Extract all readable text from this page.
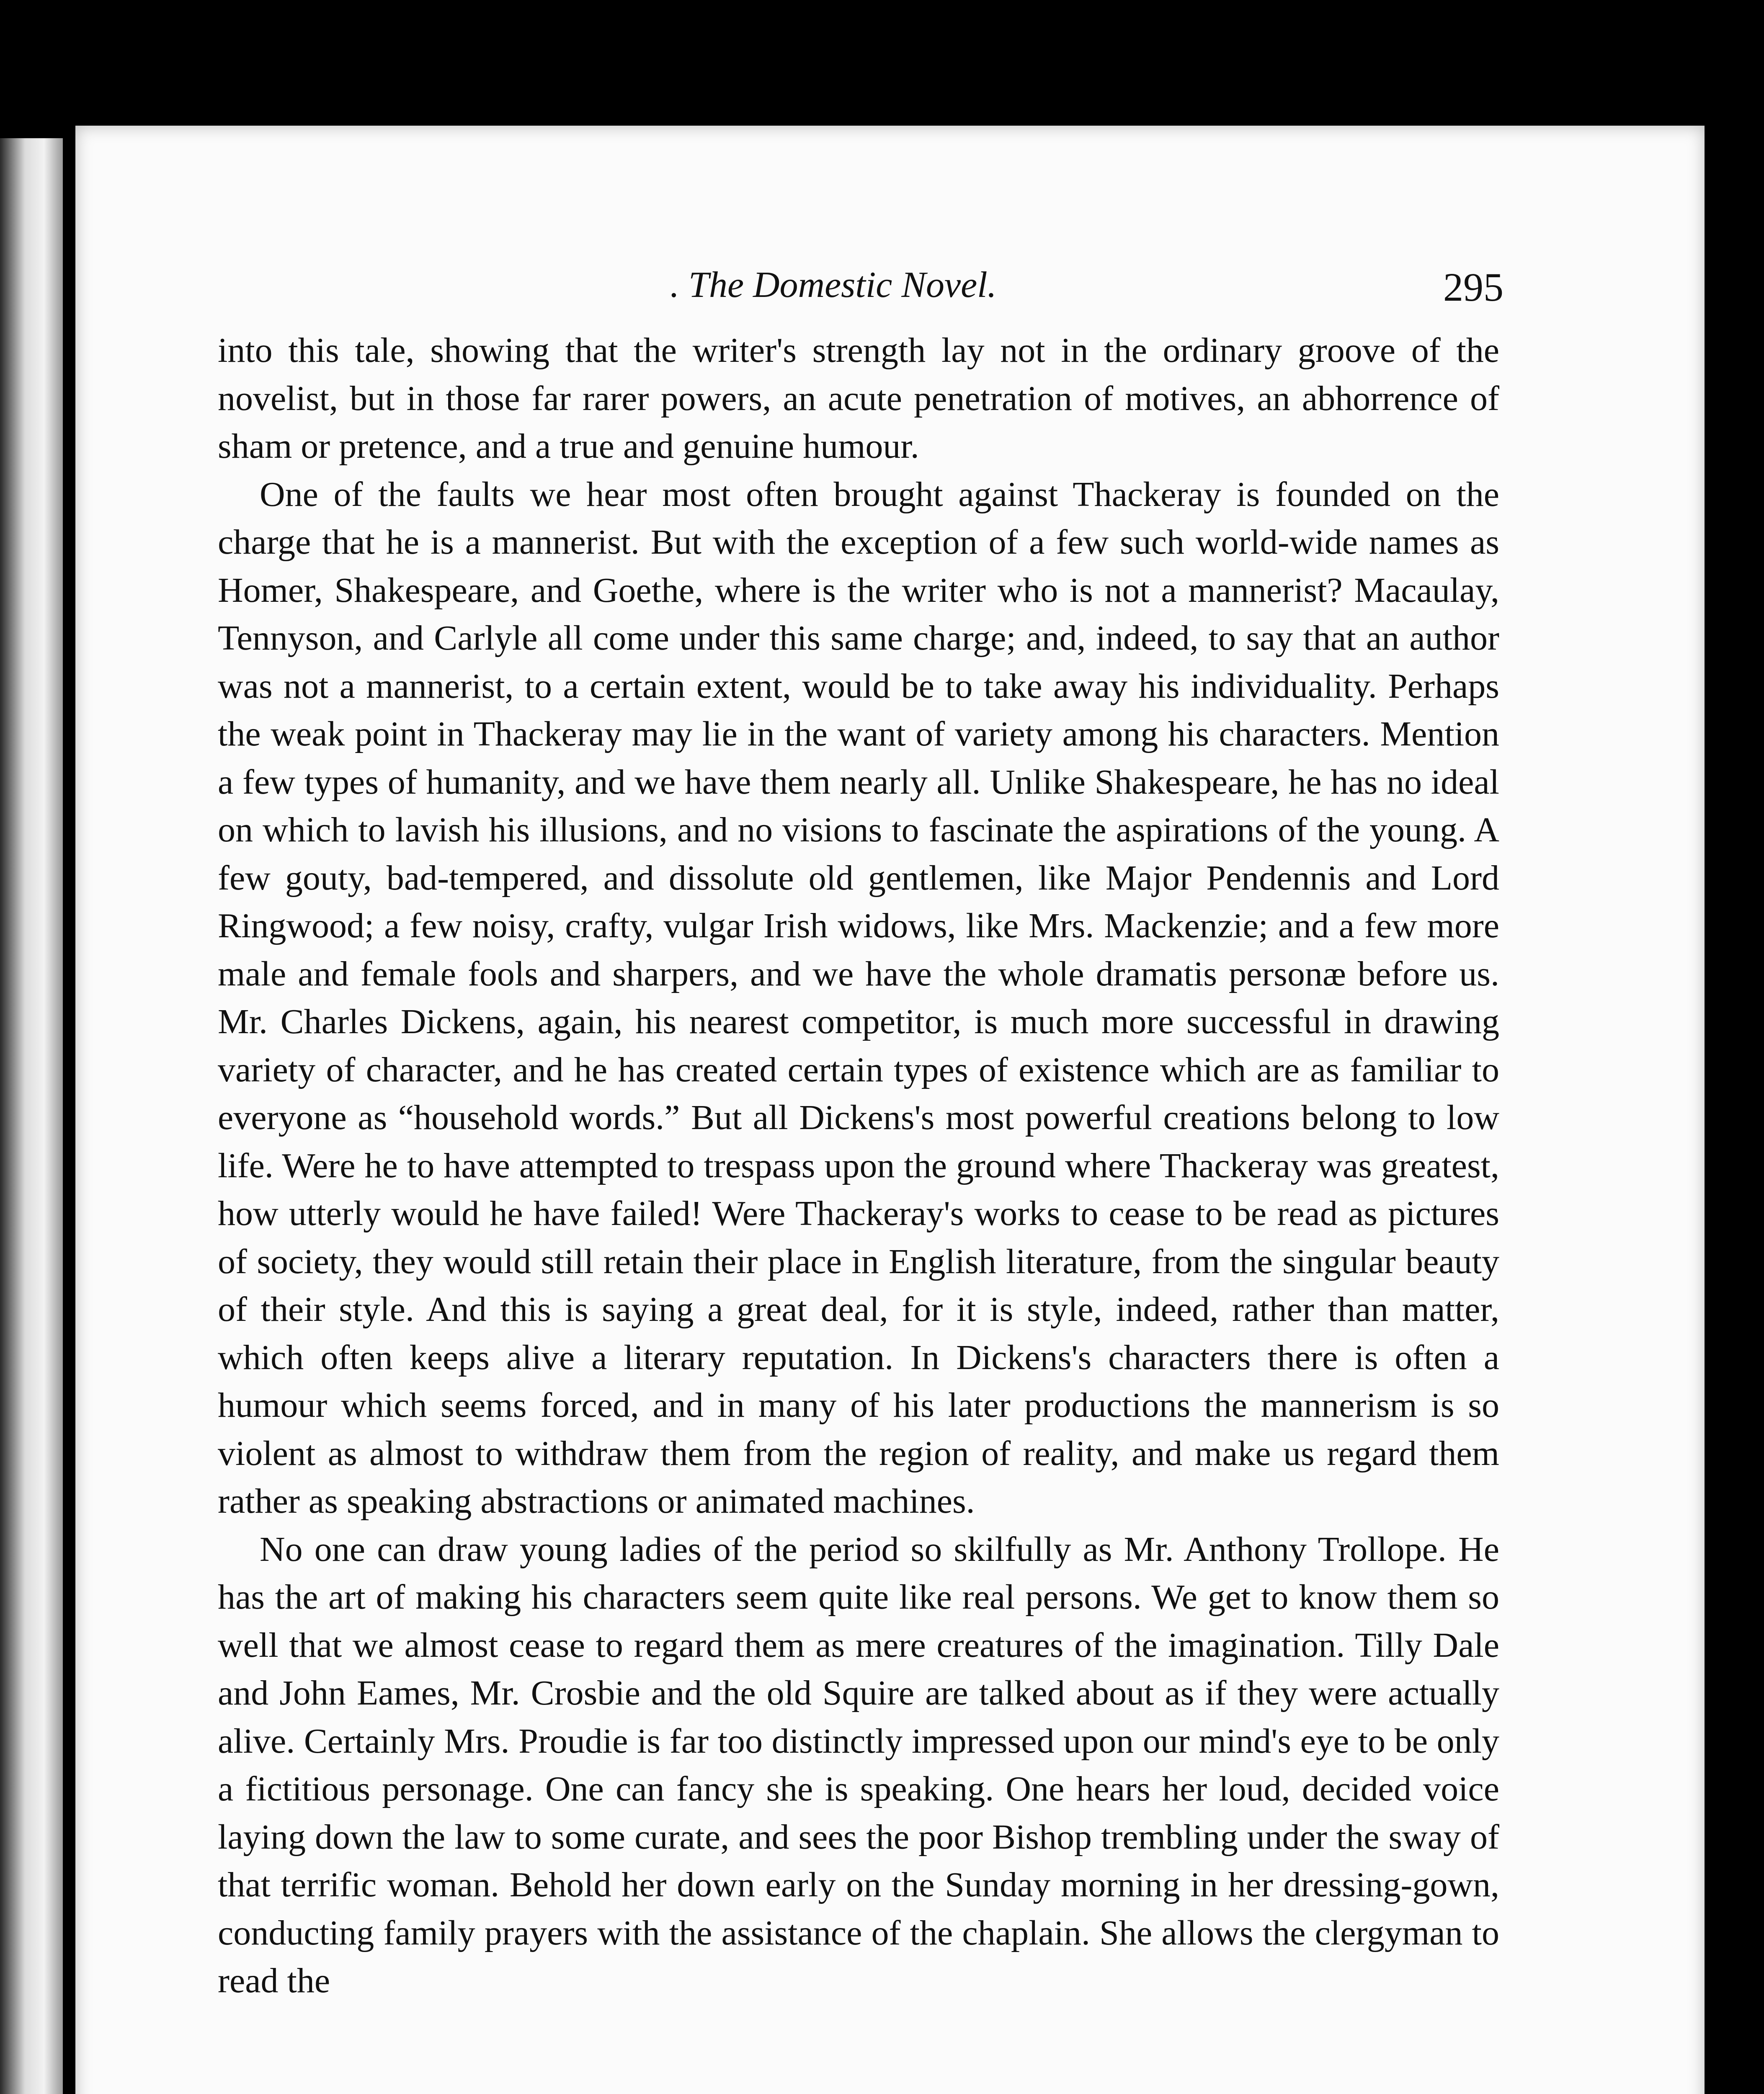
. The Domestic Novel.	295

into this tale, showing that the writer's strength lay not in the ordinary groove of the novelist, but in those far rarer powers, an acute penetration of motives, an abhorrence of sham or pretence, and a true and genuine humour.

One of the faults we hear most often brought against Thackeray is founded on the charge that he is a mannerist. But with the exception of a few such world-wide names as Homer, Shakespeare, and Goethe, where is the writer who is not a mannerist? Macaulay, Tennyson, and Carlyle all come under this same charge; and, indeed, to say that an author was not a mannerist, to a certain extent, would be to take away his individuality. Perhaps the weak point in Thackeray may lie in the want of variety among his characters. Mention a few types of humanity, and we have them nearly all. Unlike Shakespeare, he has no ideal on which to lavish his illusions, and no visions to fascinate the aspirations of the young. A few gouty, bad-tempered, and dissolute old gentlemen, like Major Pendennis and Lord Ringwood; a few noisy, crafty, vulgar Irish widows, like Mrs. Mackenzie; and a few more male and female fools and sharpers, and we have the whole dramatis personæ before us. Mr. Charles Dickens, again, his nearest competitor, is much more successful in drawing variety of character, and he has created certain types of existence which are as familiar to everyone as “household words.” But all Dickens's most powerful creations belong to low life. Were he to have attempted to trespass upon the ground where Thackeray was greatest, how utterly would he have failed! Were Thackeray's works to cease to be read as pictures of society, they would still retain their place in English literature, from the singular beauty of their style. And this is saying a great deal, for it is style, indeed, rather than matter, which often keeps alive a literary reputation. In Dickens's characters there is often a humour which seems forced, and in many of his later productions the mannerism is so violent as almost to withdraw them from the region of reality, and make us regard them rather as speaking abstractions or animated machines.

No one can draw young ladies of the period so skilfully as Mr. Anthony Trollope. He has the art of making his characters seem quite like real persons. We get to know them so well that we almost cease to regard them as mere creatures of the imagination. Tilly Dale and John Eames, Mr. Crosbie and the old Squire are talked about as if they were actually alive. Certainly Mrs. Proudie is far too distinctly impressed upon our mind's eye to be only a fictitious personage. One can fancy she is speaking. One hears her loud, decided voice laying down the law to some curate, and sees the poor Bishop trembling under the sway of that terrific woman. Behold her down early on the Sunday morning in her dressing-gown, conducting family prayers with the assistance of the chaplain. She allows the clergyman to read the
